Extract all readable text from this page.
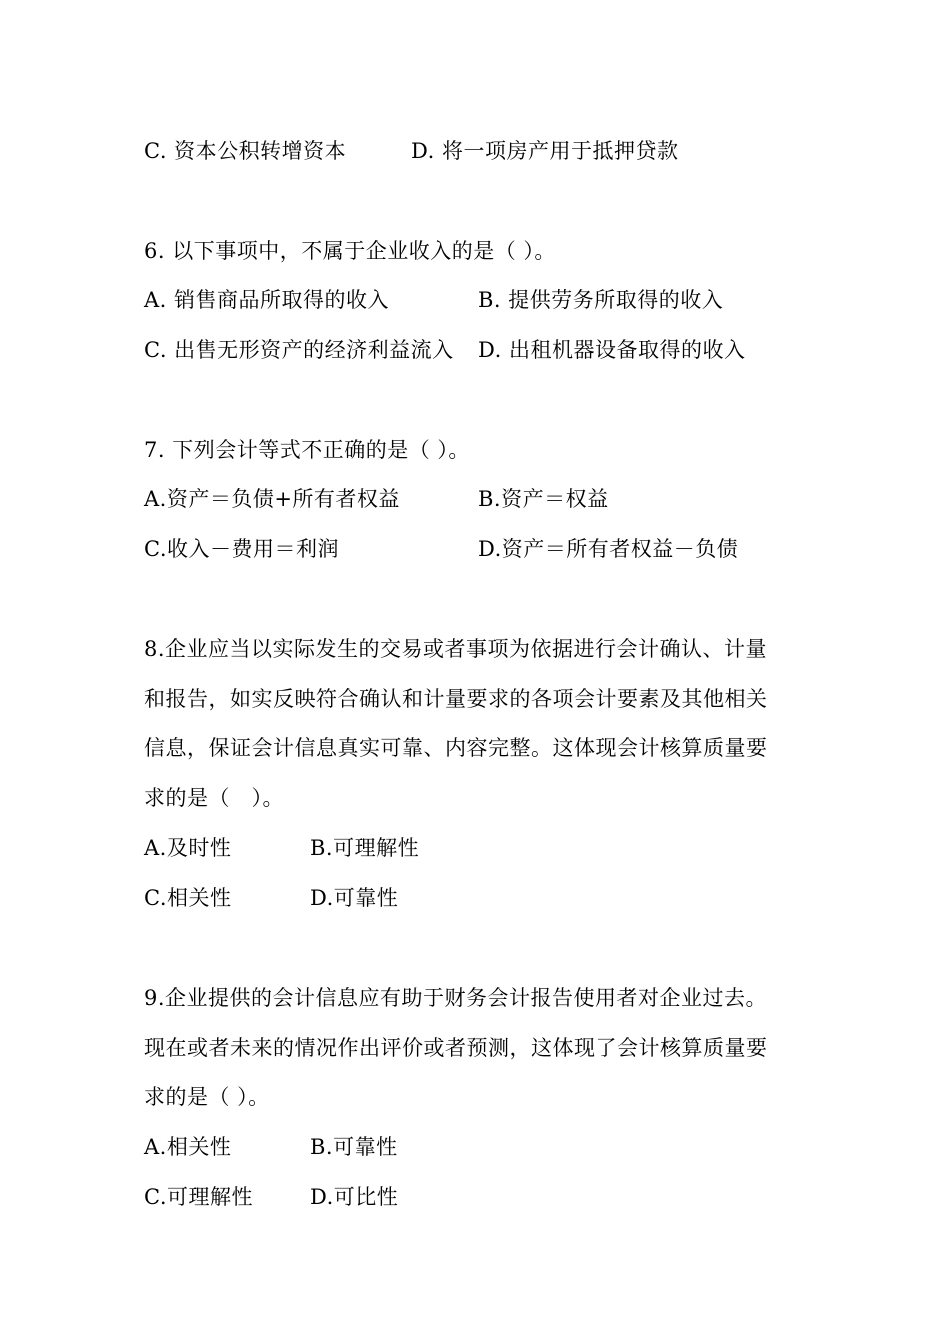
C. 资本公积转增资本	D. 将一项房产用于抵押贷款
6. 以下事项中，不属于企业收入的是（ ）。
A. 销售商品所取得的收入	B. 提供劳务所取得的收入
C. 出售无形资产的经济利益流入 D. 出租机器设备取得的收入
7. 下列会计等式不正确的是（ ）。
A.资产＝负债+所有者权益	B.资产＝权益
C.收入－费用＝利润	D.资产＝所有者权益－负债
8.企业应当以实际发生的交易或者事项为依据进行会计确认、计量
和报告，如实反映符合确认和计量要求的各项会计要素及其他相关
信息，保证会计信息真实可靠、内容完整。这体现会计核算质量要
求的是（　）。
A.及时性	B.可理解性
C.相关性	D.可靠性
9.企业提供的会计信息应有助于财务会计报告使用者对企业过去。
现在或者未来的情况作出评价或者预测，这体现了会计核算质量要
求的是（ ）。
A.相关性	B.可靠性
C.可理解性	D.可比性
